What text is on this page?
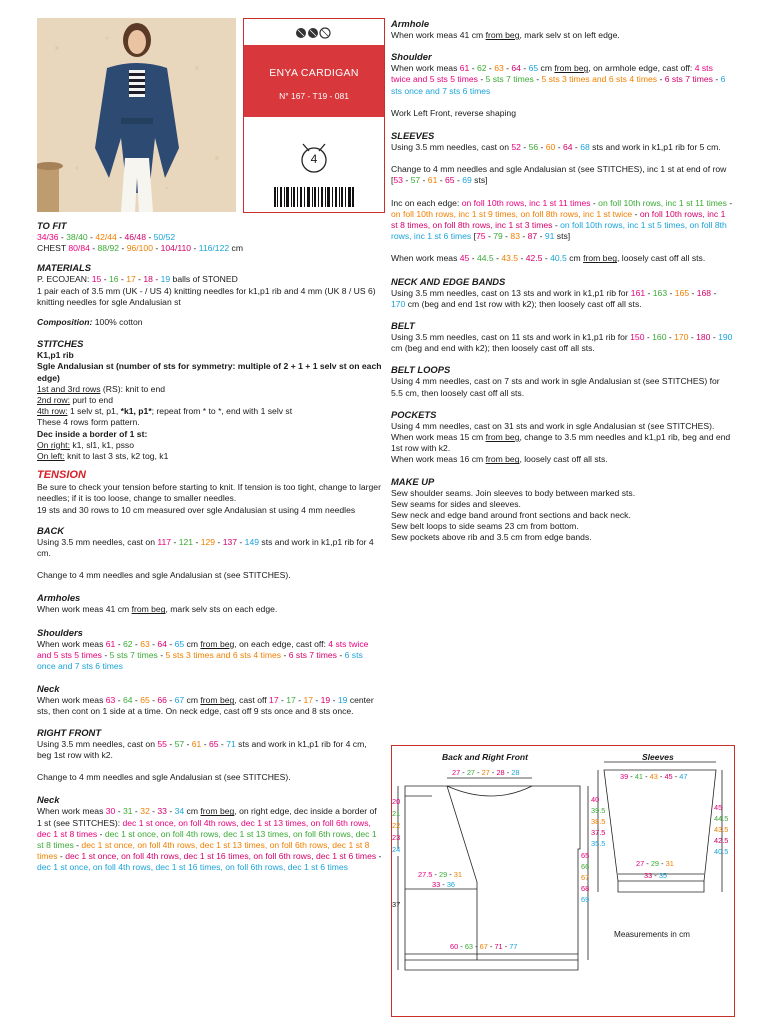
ENYA CARDIGAN
N° 167 - T19 - 081
4
TO FIT
34/36 - 38/40 - 42/44 - 46/48 - 50/52
CHEST 80/84 - 88/92 - 96/100 - 104/110 - 116/122 cm
MATERIALS
P. ECOJEAN: 15 - 16 - 17 - 18 - 19 balls of STONED
1 pair each of 3.5 mm (UK - / US 4) knitting needles for k1,p1 rib and 4 mm (UK 8 / US 6) knitting needles for sgle Andalusian st
Composition: 100% cotton
STITCHES
K1,p1 rib
Sgle Andalusian st (number of sts for symmetry: multiple of 2 + 1 + 1 selv st on each edge)
1st and 3rd rows (RS): knit to end
2nd row: purl to end
4th row: 1 selv st, p1, *k1, p1*; repeat from * to *, end with 1 selv st
These 4 rows form pattern.
Dec inside a border of 1 st:
On right: k1, sl1, k1, psso
On left: knit to last 3 sts, k2 tog, k1
TENSION
Be sure to check your tension before starting to knit. If tension is too tight, change to larger needles; if it is too loose, change to smaller needles.
19 sts and 30 rows to 10 cm measured over sgle Andalusian st using 4 mm needles
BACK
Using 3.5 mm needles, cast on 117 - 121 - 129 - 137 - 149 sts and work in k1,p1 rib for 4 cm.
Change to 4 mm needles and sgle Andalusian st (see STITCHES).
Armholes
When work meas 41 cm from beg, mark selv sts on each edge.
Shoulders
When work meas 61 - 62 - 63 - 64 - 65 cm from beg, on each edge, cast off: 4 sts twice and 5 sts 5 times - 5 sts 7 times - 5 sts 3 times and 6 sts 4 times - 6 sts 7 times - 6 sts once and 7 sts 6 times
Neck
When work meas 63 - 64 - 65 - 66 - 67 cm from beg, cast off 17 - 17 - 17 - 19 - 19 center sts, then cont on 1 side at a time. On neck edge, cast off 9 sts once and 8 sts once.
RIGHT FRONT
Using 3.5 mm needles, cast on 55 - 57 - 61 - 65 - 71 sts and work in k1,p1 rib for 4 cm, beg 1st row with k2.
Change to 4 mm needles and sgle Andalusian st (see STITCHES).
Neck
When work meas 30 - 31 - 32 - 33 - 34 cm from beg, on right edge, dec inside a border of 1 st (see STITCHES): dec 1 st once, on foll 4th rows, dec 1 st 13 times, on foll 6th rows, dec 1 st 8 times - dec 1 st once, on foll 4th rows, dec 1 st 13 times, on foll 6th rows, dec 1 st 8 times - dec 1 st once, on foll 4th rows, dec 1 st 13 times, on foll 6th rows, dec 1 st 8 times - dec 1 st once, on foll 4th rows, dec 1 st 16 times, on foll 6th rows, dec 1 st 6 times - dec 1 st once, on foll 4th rows, dec 1 st 16 times, on foll 6th rows, dec 1 st 6 times
Armhole
When work meas 41 cm from beg, mark selv st on left edge.
Shoulder
When work meas 61 - 62 - 63 - 64 - 65 cm from beg, on armhole edge, cast off: 4 sts twice and 5 sts 5 times - 5 sts 7 times - 5 sts 3 times and 6 sts 4 times - 6 sts 7 times - 6 sts once and 7 sts 6 times
Work Left Front, reverse shaping
SLEEVES
Using 3.5 mm needles, cast on 52 - 56 - 60 - 64 - 68 sts and work in k1,p1 rib for 5 cm.
Change to 4 mm needles and sgle Andalusian st (see STITCHES), inc 1 st at end of row [53 - 57 - 61 - 65 - 69 sts]
Inc on each edge: on foll 10th rows, inc 1 st 11 times - on foll 10th rows, inc 1 st 11 times - on foll 10th rows, inc 1 st 9 times, on foll 8th rows, inc 1 st twice - on foll 10th rows, inc 1 st 8 times, on foll 8th rows, inc 1 st 3 times - on foll 10th rows, inc 1 st 5 times, on foll 8th rows, inc 1 st 6 times [75 - 79 - 83 - 87 - 91 sts]
When work meas 45 - 44.5 - 43.5 - 42.5 - 40.5 cm from beg, loosely cast off all sts.
NECK AND EDGE BANDS
Using 3.5 mm needles, cast on 13 sts and work in k1,p1 rib for 161 - 163 - 165 - 168 - 170 cm (beg and end 1st row with k2); then loosely cast off all sts.
BELT
Using 3.5 mm needles, cast on 11 sts and work in k1,p1 rib for 150 - 160 - 170 - 180 - 190 cm (beg and end with k2); then loosely cast off all sts.
BELT LOOPS
Using 4 mm needles, cast on 7 sts and work in sgle Andalusian st (see STITCHES) for 5.5 cm, then loosely cast off all sts.
POCKETS
Using 4 mm needles, cast on 31 sts and work in sgle Andalusian st (see STITCHES).
When work meas 15 cm from beg, change to 3.5 mm needles and k1,p1 rib, beg and end 1st row with k2.
When work meas 16 cm from beg, loosely cast off all sts.
MAKE UP
Sew shoulder seams. Join sleeves to body between marked sts.
Sew seams for sides and sleeves.
Sew neck and edge band around front sections and back neck.
Sew belt loops to side seams 23 cm from bottom.
Sew pockets above rib and 3.5 cm from edge bands.
Back and Right Front	Sleeves
27 - 27 - 27 - 28 - 28
20
21
22
23
24
40
39.5
38.5
37.5
35.5
65
66
67
68
69
27.5 - 29 - 31
33 - 36
37
60 - 63 - 67 - 71 - 77
39 - 41 - 43 - 45 - 47
45
44.5
43.5
42.5
40.5
27 - 29 - 31
33 - 35
Measurements in cm
